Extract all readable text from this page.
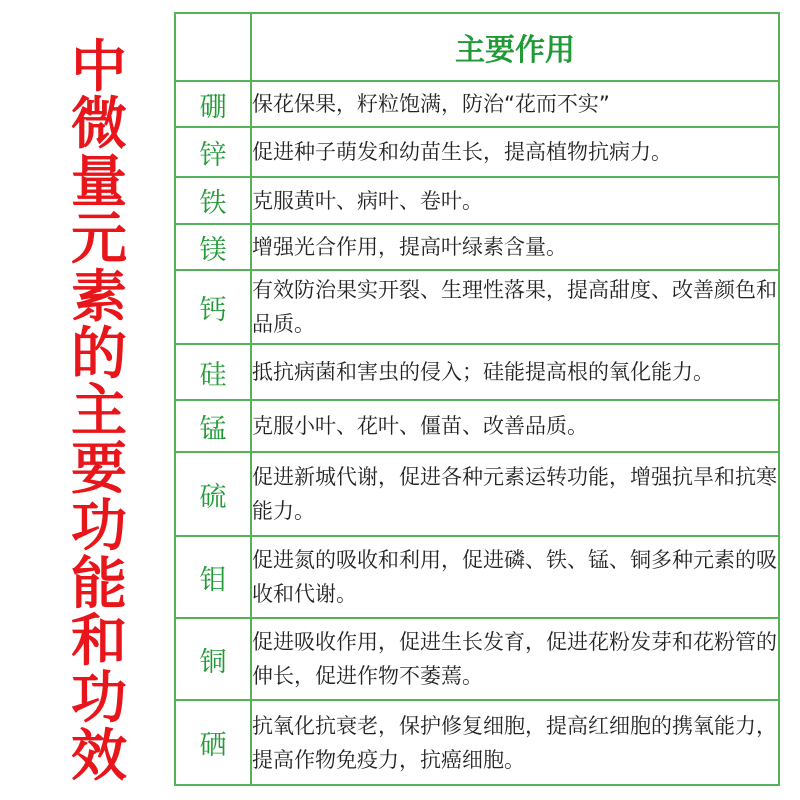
中
微
量
元
素
的
主
要
功
能
和
功
效
	主要作用
硼	保花保果，籽粒饱满，防治“花而不实”
锌	促进种子萌发和幼苗生长，提高植物抗病力。
铁	克服黄叶、病叶、卷叶。
镁	增强光合作用，提高叶绿素含量。
钙	有效防治果实开裂、生理性落果，提高甜度、改善颜色和品质。
硅	抵抗病菌和害虫的侵入；硅能提高根的氧化能力。
锰	克服小叶、花叶、僵苗、改善品质。
硫	促进新城代谢，促进各种元素运转功能，增强抗旱和抗寒能力。
钼	促进氮的吸收和利用，促进磷、铁、锰、铜多种元素的吸收和代谢。
铜	促进吸收作用，促进生长发育，促进花粉发芽和花粉管的伸长，促进作物不萎蔫。
硒	抗氧化抗衰老，保护修复细胞，提高红细胞的携氧能力，提高作物免疫力，抗癌细胞。
